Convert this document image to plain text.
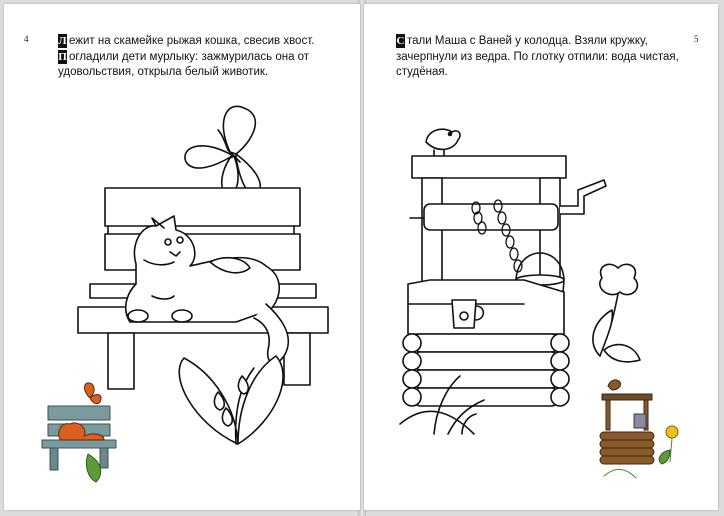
4	Л ежит на скамейке рыжая кошка, свесив хвост.

П огладили дети мурлыку: зажмурилась она от удовольствия, открыла белый животик.

5

С тали Маша с Ваней у колодца. Взяли кружку, зачерпнули из ведра. По глотку отпили: вода чистая, студёная.
